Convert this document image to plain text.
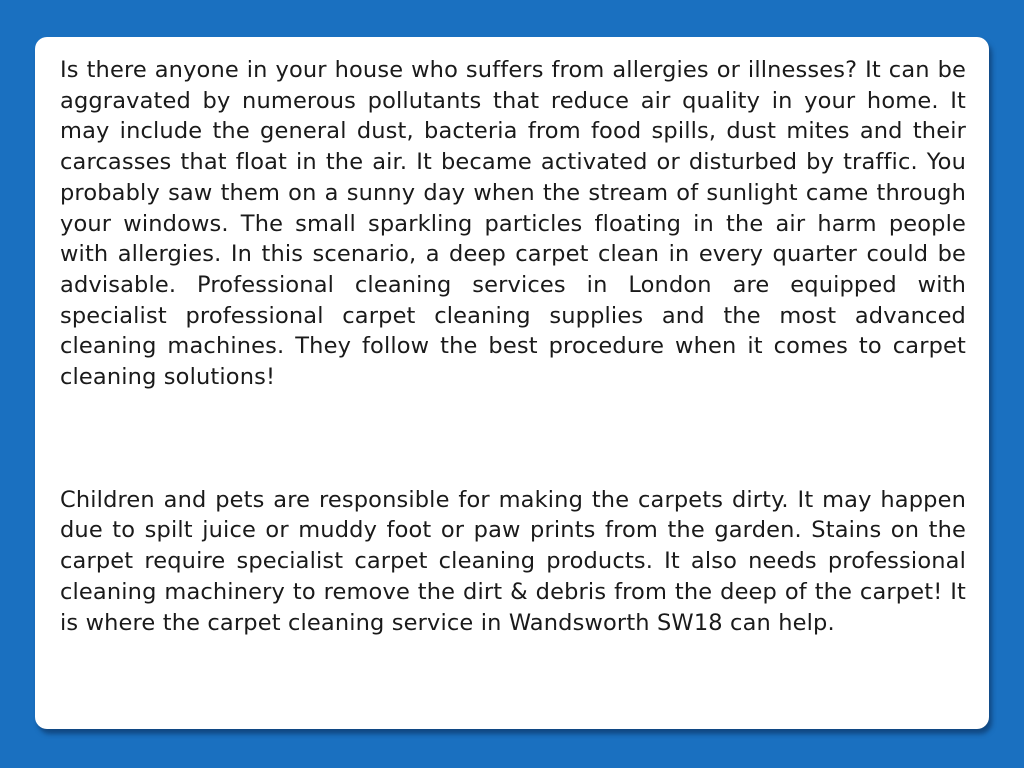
Is there anyone in your house who suffers from allergies or illnesses? It can be aggravated by numerous pollutants that reduce air quality in your home. It may include the general dust, bacteria from food spills, dust mites and their carcasses that float in the air. It became activated or disturbed by traffic. You probably saw them on a sunny day when the stream of sunlight came through your windows. The small sparkling particles floating in the air harm people with allergies. In this scenario, a deep carpet clean in every quarter could be advisable. Professional cleaning services in London are equipped with specialist professional carpet cleaning supplies and the most advanced cleaning machines. They follow the best procedure when it comes to carpet cleaning solutions!

Children and pets are responsible for making the carpets dirty. It may happen due to spilt juice or muddy foot or paw prints from the garden. Stains on the carpet require specialist carpet cleaning products. It also needs professional cleaning machinery to remove the dirt & debris from the deep of the carpet! It is where the carpet cleaning service in Wandsworth SW18 can help.
